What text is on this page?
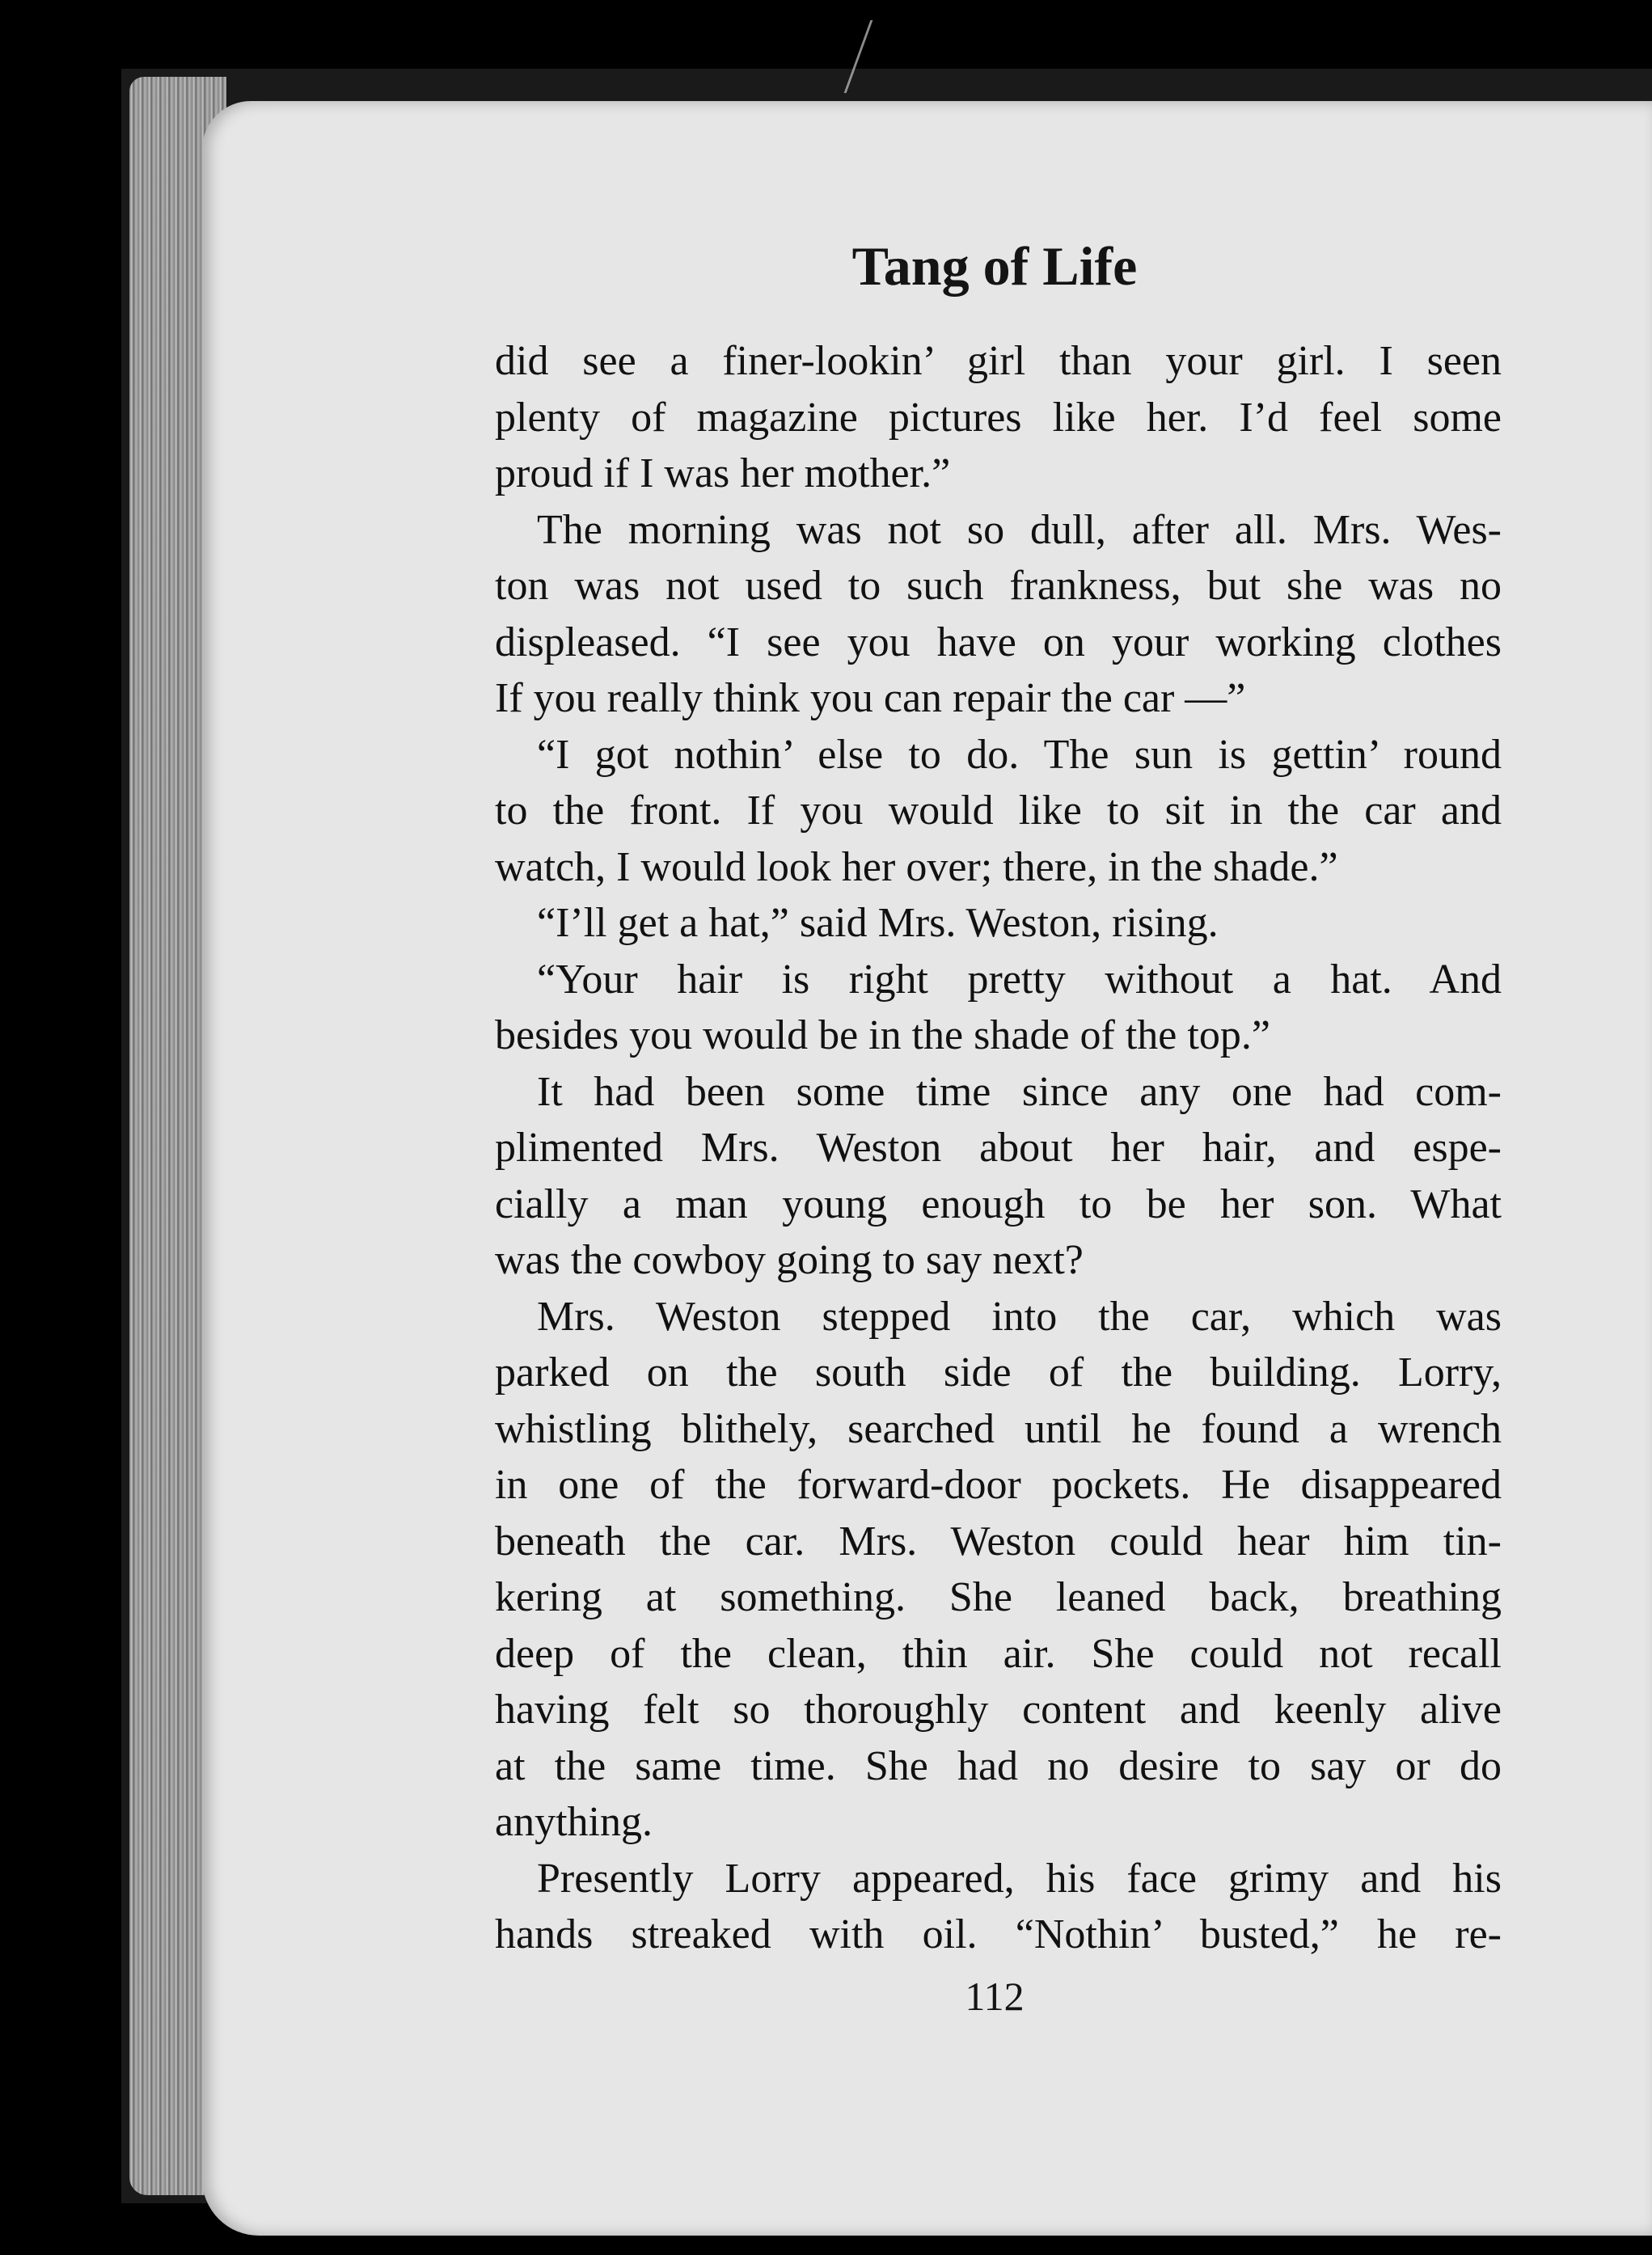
Tang of Life
did see a finer-lookin’ girl than your girl. I seen
plenty of magazine pictures like her. I’d feel some
proud if I was her mother.”
The morning was not so dull, after all. Mrs. Wes-
ton was not used to such frankness, but she was no
displeased. “I see you have on your working clothes
If you really think you can repair the car —”
“I got nothin’ else to do. The sun is gettin’ round
to the front. If you would like to sit in the car and
watch, I would look her over; there, in the shade.”
“I’ll get a hat,” said Mrs. Weston, rising.
“Your hair is right pretty without a hat. And
besides you would be in the shade of the top.”
It had been some time since any one had com-
plimented Mrs. Weston about her hair, and espe-
cially a man young enough to be her son. What
was the cowboy going to say next?
Mrs. Weston stepped into the car, which was
parked on the south side of the building. Lorry,
whistling blithely, searched until he found a wrench
in one of the forward-door pockets. He disappeared
beneath the car. Mrs. Weston could hear him tin-
kering at something. She leaned back, breathing
deep of the clean, thin air. She could not recall
having felt so thoroughly content and keenly alive
at the same time. She had no desire to say or do
anything.
Presently Lorry appeared, his face grimy and his
hands streaked with oil. “Nothin’ busted,” he re-

112
